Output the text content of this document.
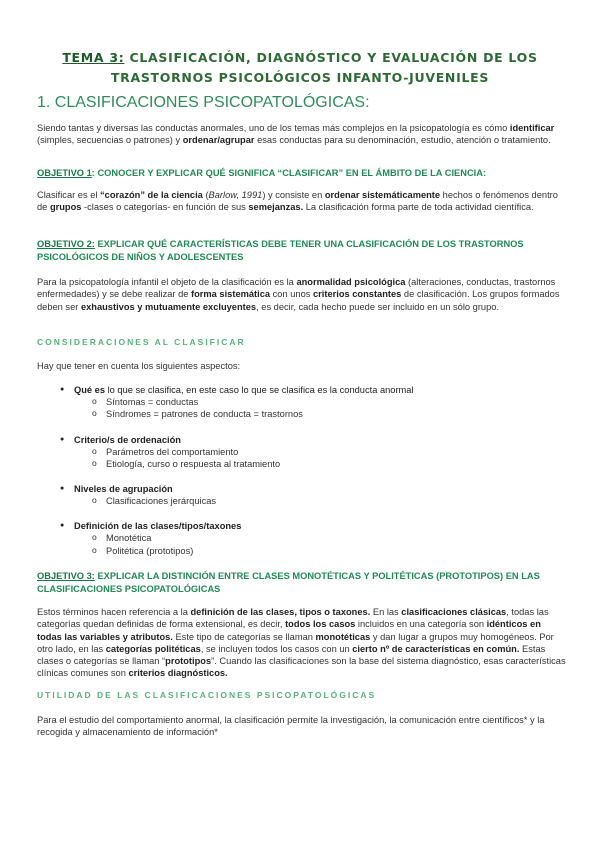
TEMA 3: CLASIFICACIÓN, DIAGNÓSTICO Y EVALUACIÓN DE LOS TRASTORNOS PSICOLÓGICOS INFANTO-JUVENILES
1. CLASIFICACIONES PSICOPATOLÓGICAS:
Siendo tantas y diversas las conductas anormales, uno de los temas más complejos en la psicopatología es cómo identificar (simples, secuencias o patrones) y ordenar/agrupar esas conductas para su denominación, estudio, atención o tratamiento.
OBJETIVO 1: CONOCER Y EXPLICAR QUÉ SIGNIFICA “CLASIFICAR” EN EL ÁMBITO DE LA CIENCIA:
Clasificar es el “corazón” de la ciencia (Barlow, 1991) y consiste en ordenar sistemáticamente hechos o fenómenos dentro de grupos -clases o categorías- en función de sus semejanzas. La clasificación forma parte de toda actividad científica.
OBJETIVO 2: EXPLICAR QUÉ CARACTERÍSTICAS DEBE TENER UNA CLASIFICACIÓN DE LOS TRASTORNOS PSICOLÓGICOS DE NIÑOS Y ADOLESCENTES
Para la psicopatología infantil el objeto de la clasificación es la anormalidad psicológica (alteraciones, conductas, trastornos enfermedades) y se debe realizar de forma sistemática con unos criterios constantes de clasificación. Los grupos formados deben ser exhaustivos y mutuamente excluyentes, es decir, cada hecho puede ser incluido en un sólo grupo.
CONSIDERACIONES AL CLASIFICAR
Hay que tener en cuenta los siguientes aspectos:
● Qué es lo que se clasifica, en este caso lo que se clasifica es la conducta anormal
o Síntomas = conductas
o Síndromes = patrones de conducta = trastornos
● Criterio/s de ordenación
o Parámetros del comportamiento
o Etiología, curso o respuesta al tratamiento
● Niveles de agrupación
o Clasificaciones jerárquicas
● Definición de las clases/tipos/taxones
o Monotética
o Politética (prototipos)
OBJETIVO 3: EXPLICAR LA DISTINCIÓN ENTRE CLASES MONOTÉTICAS Y POLITÉTICAS (PROTOTIPOS) EN LAS CLASIFICACIONES PSICOPATOLÓGICAS
Estos términos hacen referencia a la definición de las clases, tipos o taxones. En las clasificaciones clásicas, todas las categorías quedan definidas de forma extensional, es decir, todos los casos incluidos en una categoría son idénticos en todas las variables y atributos. Este tipo de categorías se llaman monotéticas y dan lugar a grupos muy homogéneos. Por otro lado, en las categorías politéticas, se incluyen todos los casos con un cierto nº de características en común. Estas clases o categorías se llaman “prototipos”. Cuando las clasificaciones son la base del sistema diagnóstico, esas características clínicas comunes son criterios diagnósticos.
UTILIDAD DE LAS CLASIFICACIONES PSICOPATOLÓGICAS
Para el estudio del comportamiento anormal, la clasificación permite la investigación, la comunicación entre científicos* y la recogida y almacenamiento de información*
